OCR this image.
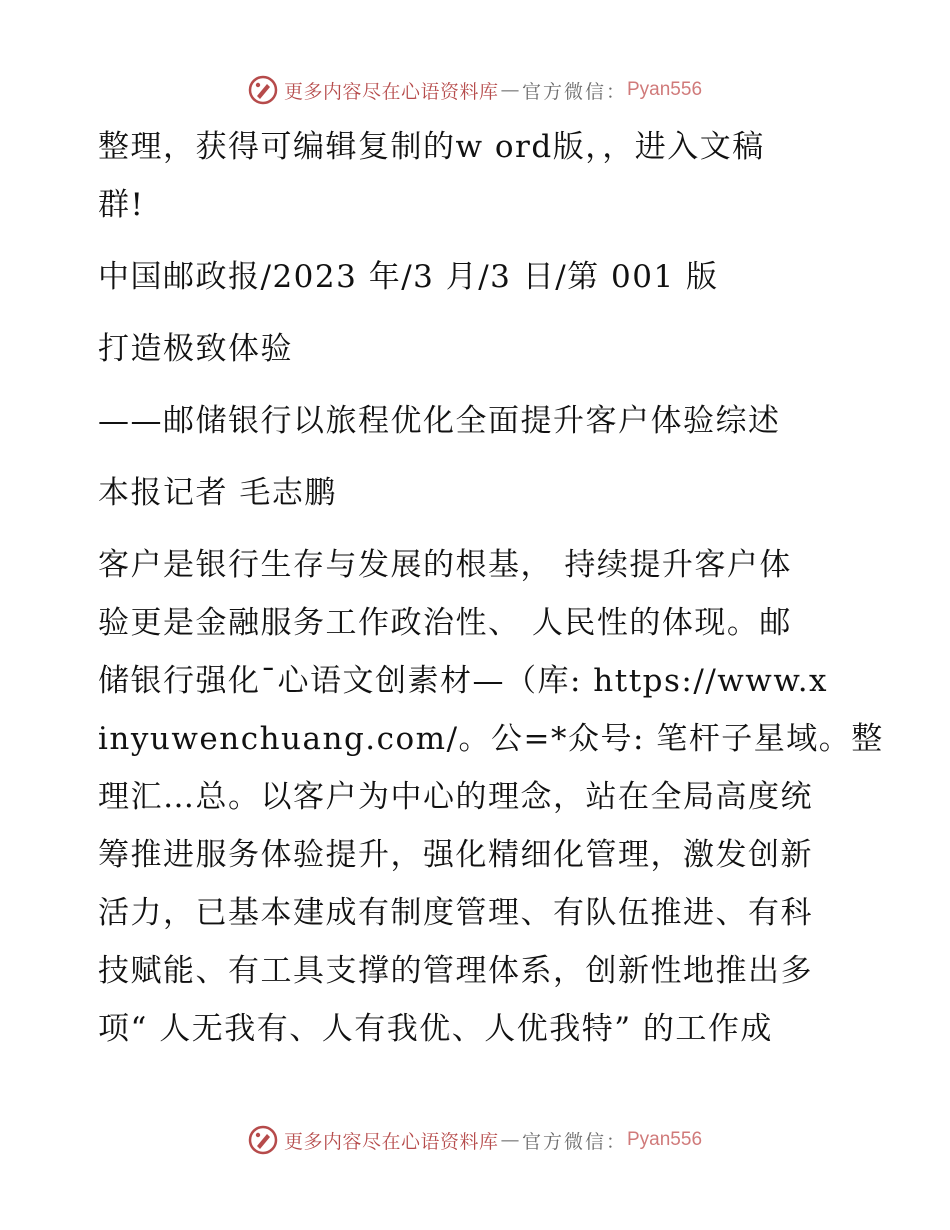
更多内容尽在心语资料库 — 官方微信： Pyan556
整理，获得可编辑复制的w ord版，，进入文稿
群!
中国邮政报/2023 年/3 月/3 日/第 001 版
打造极致体验
——邮储银行以旅程优化全面提升客户体验综述
本报记者 毛志鹏
客户是银行生存与发展的根基， 持续提升客户体
验更是金融服务工作政治性、 人民性的体现。邮
储银行强化¯心语文创素材—（库: https://www.x
inyuwenchuang.com/。公=*众号: 笔杆子星域。整
理汇…总。以客户为中心的理念，站在全局高度统
筹推进服务体验提升，强化精细化管理，激发创新
活力，已基本建成有制度管理、有队伍推进、有科
技赋能、有工具支撑的管理体系，创新性地推出多
项“ 人无我有、人有我优、人优我特” 的工作成
更多内容尽在心语资料库 — 官方微信： Pyan556
